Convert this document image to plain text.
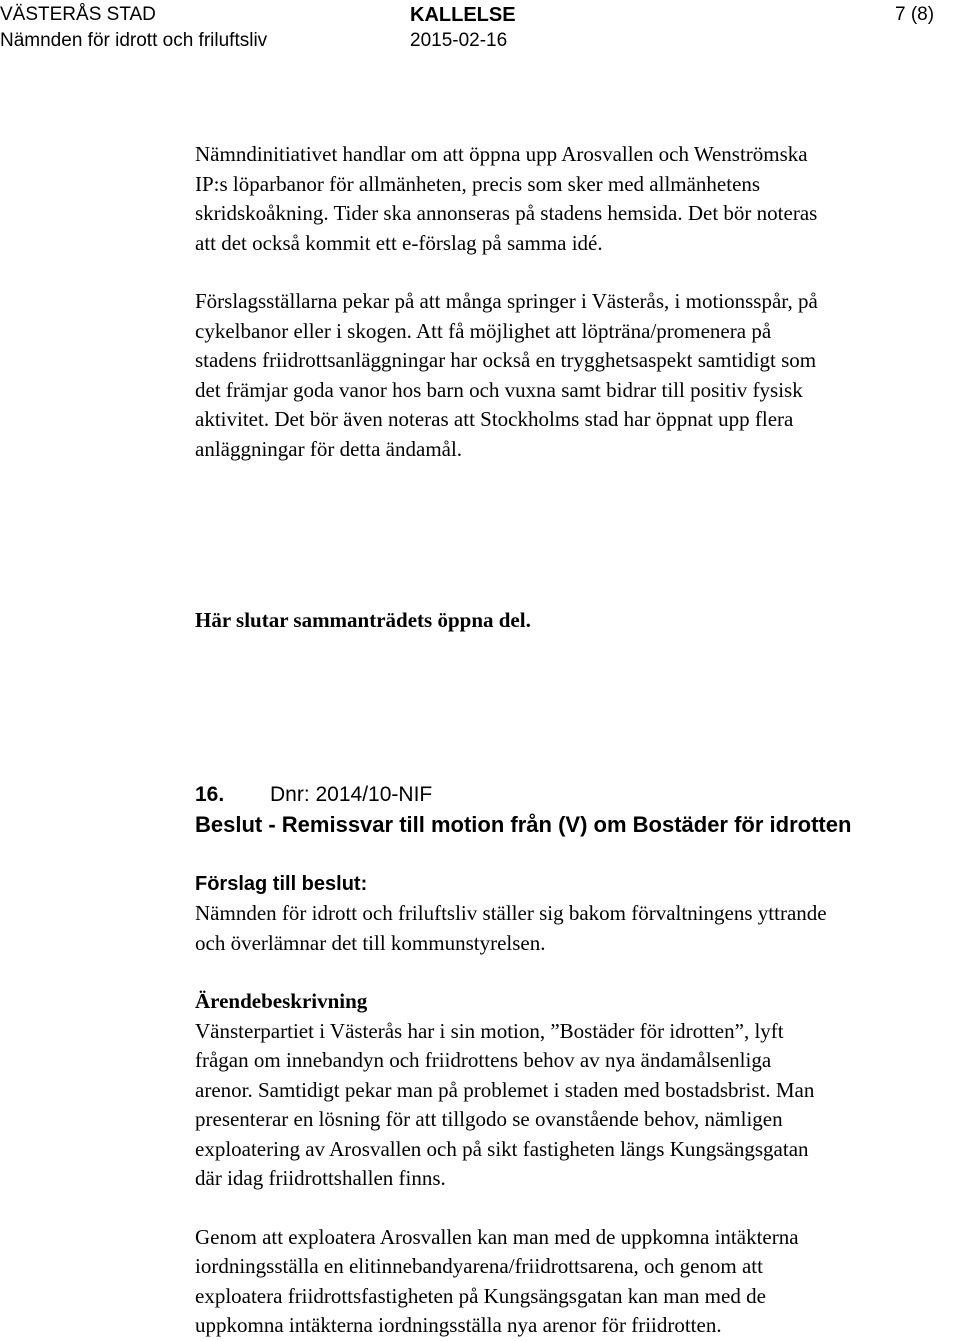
VÄSTERÅS STAD
Nämnden för idrott och friluftsliv
KALLELSE
2015-02-16
7 (8)

Nämndinitiativet handlar om att öppna upp Arosvallen och Wenströmska

IP:s löparbanor för allmänheten, precis som sker med allmänhetens

skridskoåkning. Tider ska annonseras på stadens hemsida. Det bör noteras

att det också kommit ett e-förslag på samma idé.

Förslagsställarna pekar på att många springer i Västerås, i motionsspår, på

cykelbanor eller i skogen. Att få möjlighet att löpträna/promenera på

stadens friidrottsanläggningar har också en trygghetsaspekt samtidigt som

det främjar goda vanor hos barn och vuxna samt bidrar till positiv fysisk

aktivitet. Det bör även noteras att Stockholms stad har öppnat upp flera

anläggningar för detta ändamål.

Här slutar sammanträdets öppna del.
16. Dnr: 2014/10-NIF
Beslut - Remissvar till motion från (V) om Bostäder för idrotten
Förslag till beslut:

Nämnden för idrott och friluftsliv ställer sig bakom förvaltningens yttrande

och överlämnar det till kommunstyrelsen.

Ärendebeskrivning

Vänsterpartiet i Västerås har i sin motion, ”Bostäder för idrotten”, lyft

frågan om innebandyn och friidrottens behov av nya ändamålsenliga

arenor. Samtidigt pekar man på problemet i staden med bostadsbrist. Man

presenterar en lösning för att tillgodo se ovanstående behov, nämligen

exploatering av Arosvallen och på sikt fastigheten längs Kungsängsgatan

där idag friidrottshallen finns.

Genom att exploatera Arosvallen kan man med de uppkomna intäkterna

iordningsställa en elitinnebandyarena/friidrottsarena, och genom att

exploatera friidrottsfastigheten på Kungsängsgatan kan man med de

uppkomna intäkterna iordningsställa nya arenor för friidrotten.
